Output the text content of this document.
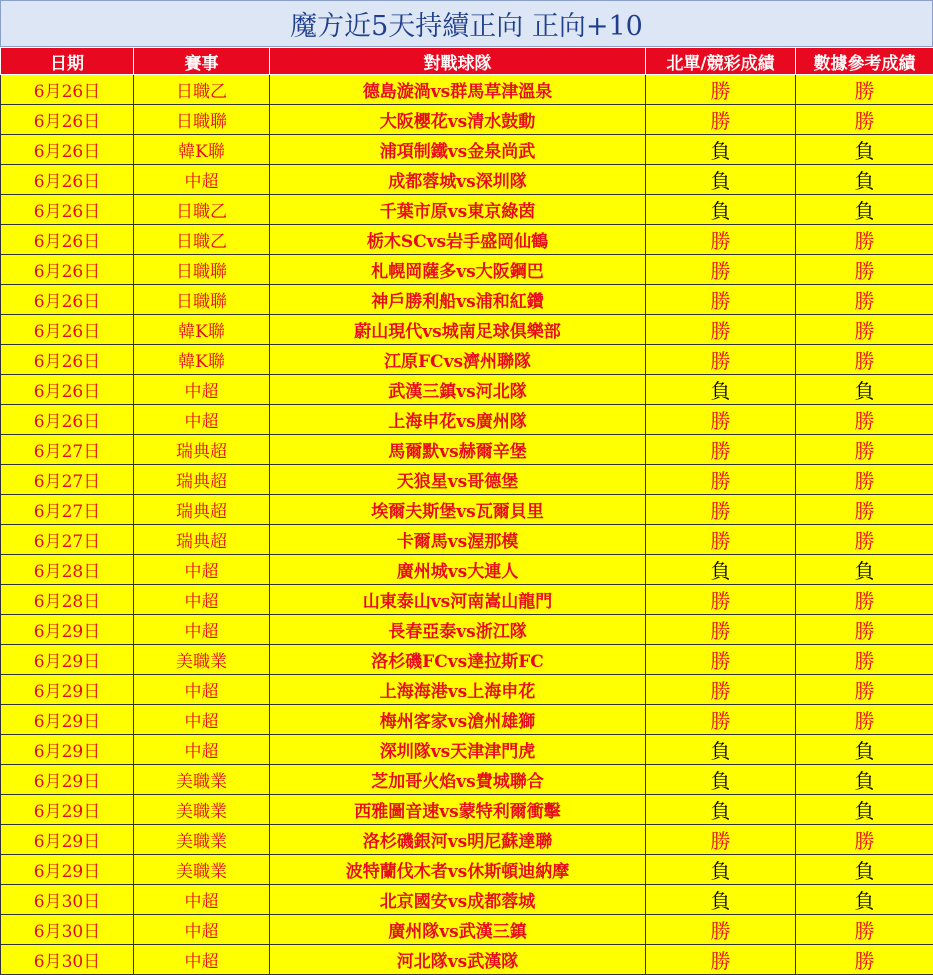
魔方近5天持續正向 正向+10
日期	賽事	對戰球隊	北單/競彩成績	數據參考成績
6月26日	日職乙	德島漩渦vs群馬草津溫泉	勝	勝
6月26日	日職聯	大阪櫻花vs清水鼓動	勝	勝
6月26日	韓K聯	浦項制鐵vs金泉尚武	負	負
6月26日	中超	成都蓉城vs深圳隊	負	負
6月26日	日職乙	千葉市原vs東京綠茵	負	負
6月26日	日職乙	栃木SCvs岩手盛岡仙鶴	勝	勝
6月26日	日職聯	札幌岡薩多vs大阪鋼巴	勝	勝
6月26日	日職聯	神戶勝利船vs浦和紅鑽	勝	勝
6月26日	韓K聯	蔚山現代vs城南足球俱樂部	勝	勝
6月26日	韓K聯	江原FCvs濟州聯隊	勝	勝
6月26日	中超	武漢三鎮vs河北隊	負	負
6月26日	中超	上海申花vs廣州隊	勝	勝
6月27日	瑞典超	馬爾默vs赫爾辛堡	勝	勝
6月27日	瑞典超	天狼星vs哥德堡	勝	勝
6月27日	瑞典超	埃爾夫斯堡vs瓦爾貝里	勝	勝
6月27日	瑞典超	卡爾馬vs渥那模	勝	勝
6月28日	中超	廣州城vs大連人	負	負
6月28日	中超	山東泰山vs河南嵩山龍門	勝	勝
6月29日	中超	長春亞泰vs浙江隊	勝	勝
6月29日	美職業	洛杉磯FCvs達拉斯FC	勝	勝
6月29日	中超	上海海港vs上海申花	勝	勝
6月29日	中超	梅州客家vs滄州雄獅	勝	勝
6月29日	中超	深圳隊vs天津津門虎	負	負
6月29日	美職業	芝加哥火焰vs費城聯合	負	負
6月29日	美職業	西雅圖音速vs蒙特利爾衝擊	負	負
6月29日	美職業	洛杉磯銀河vs明尼蘇達聯	勝	勝
6月29日	美職業	波特蘭伐木者vs休斯頓迪納摩	負	負
6月30日	中超	北京國安vs成都蓉城	負	負
6月30日	中超	廣州隊vs武漢三鎮	勝	勝
6月30日	中超	河北隊vs武漢隊	勝	勝
